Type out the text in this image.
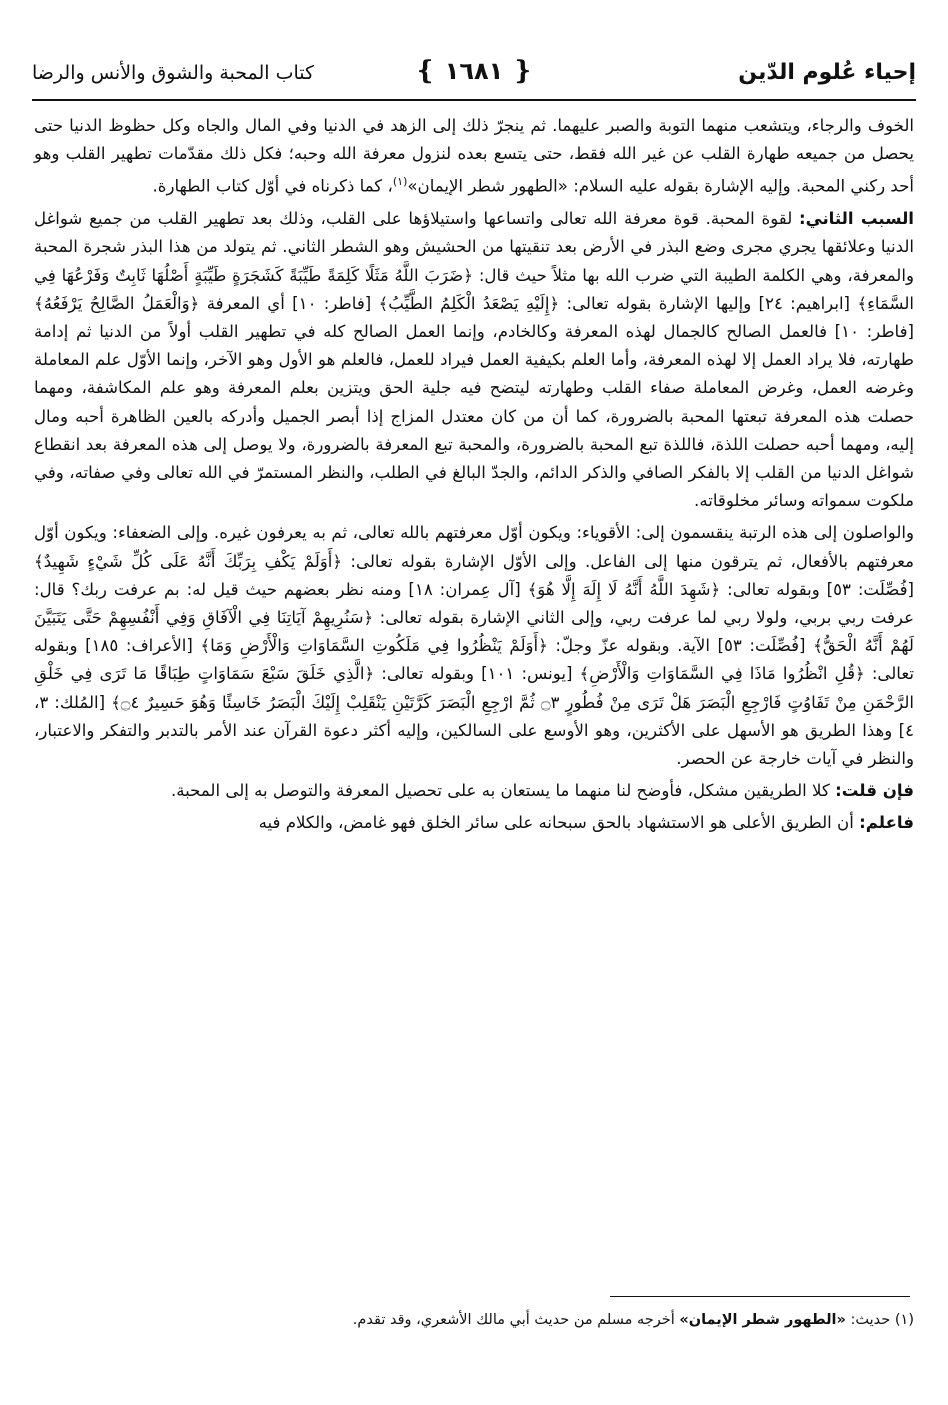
إحياء عُلوم الدّين
❴ ١٦٨١ ❵
كتاب المحبة والشوق والأنس والرضا

الخوف والرجاء، ويتشعب منهما التوبة والصبر عليهما. ثم ينجرّ ذلك إلى الزهد في الدنيا وفي المال والجاه وكل حظوظ الدنيا حتى يحصل من جميعه طهارة القلب عن غير الله فقط، حتى يتسع بعده لنزول معرفة الله وحبه؛ فكل ذلك مقدّمات تطهير القلب وهو أحد ركني المحبة. وإليه الإشارة بقوله عليه السلام: «الطهور شطر الإيمان»$^{(١)}$، كما ذكرناه في أوّل كتاب الطهارة.

السبب الثاني: لقوة المحبة. قوة معرفة الله تعالى واتساعها واستيلاؤها على القلب، وذلك بعد تطهير القلب من جميع شواغل الدنيا وعلائقها يجري مجرى وضع البذر في الأرض بعد تنقيتها من الحشيش وهو الشطر الثاني. ثم يتولد من هذا البذر شجرة المحبة والمعرفة، وهي الكلمة الطيبة التي ضرب الله بها مثلاً حيث قال: ﴿ضَرَبَ اللَّهُ مَثَلًا كَلِمَةً طَيِّبَةً كَشَجَرَةٍ طَيِّبَةٍ أَصْلُهَا ثَابِتٌ وَفَرْعُهَا فِي السَّمَاءِ﴾ [ابراهيم: ٢٤] وإليها الإشارة بقوله تعالى: ﴿إِلَيْهِ يَصْعَدُ الْكَلِمُ الطَّيِّبُ﴾ [فاطر: ١٠] أي المعرفة ﴿وَالْعَمَلُ الصَّالِحُ يَرْفَعُهُ﴾ [فاطر: ١٠] فالعمل الصالح كالجمال لهذه المعرفة وكالخادم، وإنما العمل الصالح كله في تطهير القلب أولاً من الدنيا ثم إدامة طهارته، فلا يراد العمل إلا لهذه المعرفة، وأما العلم بكيفية العمل فيراد للعمل، فالعلم هو الأول وهو الآخر، وإنما الأوّل علم المعاملة وغرضه العمل، وغرض المعاملة صفاء القلب وطهارته ليتضح فيه جلية الحق ويتزين بعلم المعرفة وهو علم المكاشفة، ومهما حصلت هذه المعرفة تبعتها المحبة بالضرورة، كما أن من كان معتدل المزاج إذا أبصر الجميل وأدركه بالعين الظاهرة أحبه ومال إليه، ومهما أحبه حصلت اللذة، فاللذة تبع المحبة بالضرورة، والمحبة تبع المعرفة بالضرورة، ولا يوصل إلى هذه المعرفة بعد انقطاع شواغل الدنيا من القلب إلا بالفكر الصافي والذكر الدائم، والجدّ البالغ في الطلب، والنظر المستمرّ في الله تعالى وفي صفاته، وفي ملكوت سمواته وسائر مخلوقاته.

والواصلون إلى هذه الرتبة ينقسمون إلى: الأقوياء: ويكون أوّل معرفتهم بالله تعالى، ثم به يعرفون غيره. وإلى الضعفاء: ويكون أوّل معرفتهم بالأفعال، ثم يترقون منها إلى الفاعل. وإلى الأوّل الإشارة بقوله تعالى: ﴿أَوَلَمْ يَكْفِ بِرَبِّكَ أَنَّهُ عَلَى كُلِّ شَيْءٍ شَهِيدٌ﴾ [فُصِّلَت: ٥٣] وبقوله تعالى: ﴿شَهِدَ اللَّهُ أَنَّهُ لَا إِلَهَ إِلَّا هُوَ﴾ [آل عِمران: ١٨] ومنه نظر بعضهم حيث قيل له: بم عرفت ربك؟ قال: عرفت ربي بربي، ولولا ربي لما عرفت ربي، وإلى الثاني الإشارة بقوله تعالى: ﴿سَنُرِيهِمْ آيَاتِنَا فِي الْآفَاقِ وَفِي أَنْفُسِهِمْ حَتَّى يَتَبَيَّنَ لَهُمْ أَنَّهُ الْحَقُّ﴾ [فُصِّلَت: ٥٣] الآية. وبقوله عزّ وجلّ: ﴿أَوَلَمْ يَنْظُرُوا فِي مَلَكُوتِ السَّمَاوَاتِ وَالْأَرْضِ وَمَا﴾ [الأعراف: ١٨٥] وبقوله تعالى: ﴿قُلِ انْظُرُوا مَاذَا فِي السَّمَاوَاتِ وَالْأَرْضِ﴾ [يونس: ١٠١] وبقوله تعالى: ﴿الَّذِي خَلَقَ سَبْعَ سَمَاوَاتٍ طِبَاقًا مَا تَرَى فِي خَلْقِ الرَّحْمَنِ مِنْ تَفَاوُتٍ فَارْجِعِ الْبَصَرَ هَلْ تَرَى مِنْ فُطُورٍ ۝٣ ثُمَّ ارْجِعِ الْبَصَرَ كَرَّتَيْنِ يَنْقَلِبْ إِلَيْكَ الْبَصَرُ خَاسِئًا وَهُوَ حَسِيرٌ ۝٤﴾ [المُلك: ٣، ٤] وهذا الطريق هو الأسهل على الأكثرين، وهو الأوسع على السالكين، وإليه أكثر دعوة القرآن عند الأمر بالتدبر والتفكر والاعتبار، والنظر في آيات خارجة عن الحصر.

فإن قلت: كلا الطريقين مشكل، فأوضح لنا منهما ما يستعان به على تحصيل المعرفة والتوصل به إلى المحبة.

فاعلم: أن الطريق الأعلى هو الاستشهاد بالحق سبحانه على سائر الخلق فهو غامض، والكلام فيه

(١) حديث: «الطهور شطر الإيمان» أخرجه مسلم من حديث أبي مالك الأشعري، وقد تقدم.
